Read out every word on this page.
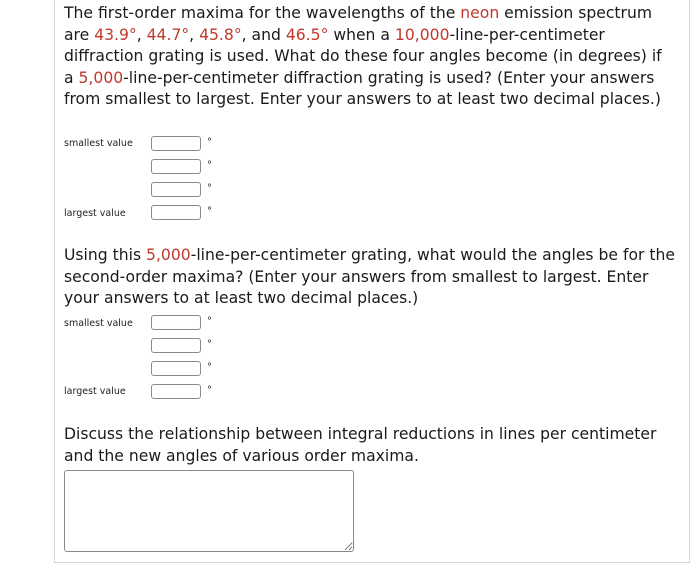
The first-order maxima for the wavelengths of the neon emission spectrum are 43.9°, 44.7°, 45.8°, and 46.5° when a 10,000-line-per-centimeter diffraction grating is used. What do these four angles become (in degrees) if a 5,000-line-per-centimeter diffraction grating is used? (Enter your answers from smallest to largest. Enter your answers to at least two decimal places.)

smallest value	°
°
°
largest value	°

Using this 5,000-line-per-centimeter grating, what would the angles be for the second-order maxima? (Enter your answers from smallest to largest. Enter your answers to at least two decimal places.)

smallest value	°
°
°
largest value	°

Discuss the relationship between integral reductions in lines per centimeter and the new angles of various order maxima.
